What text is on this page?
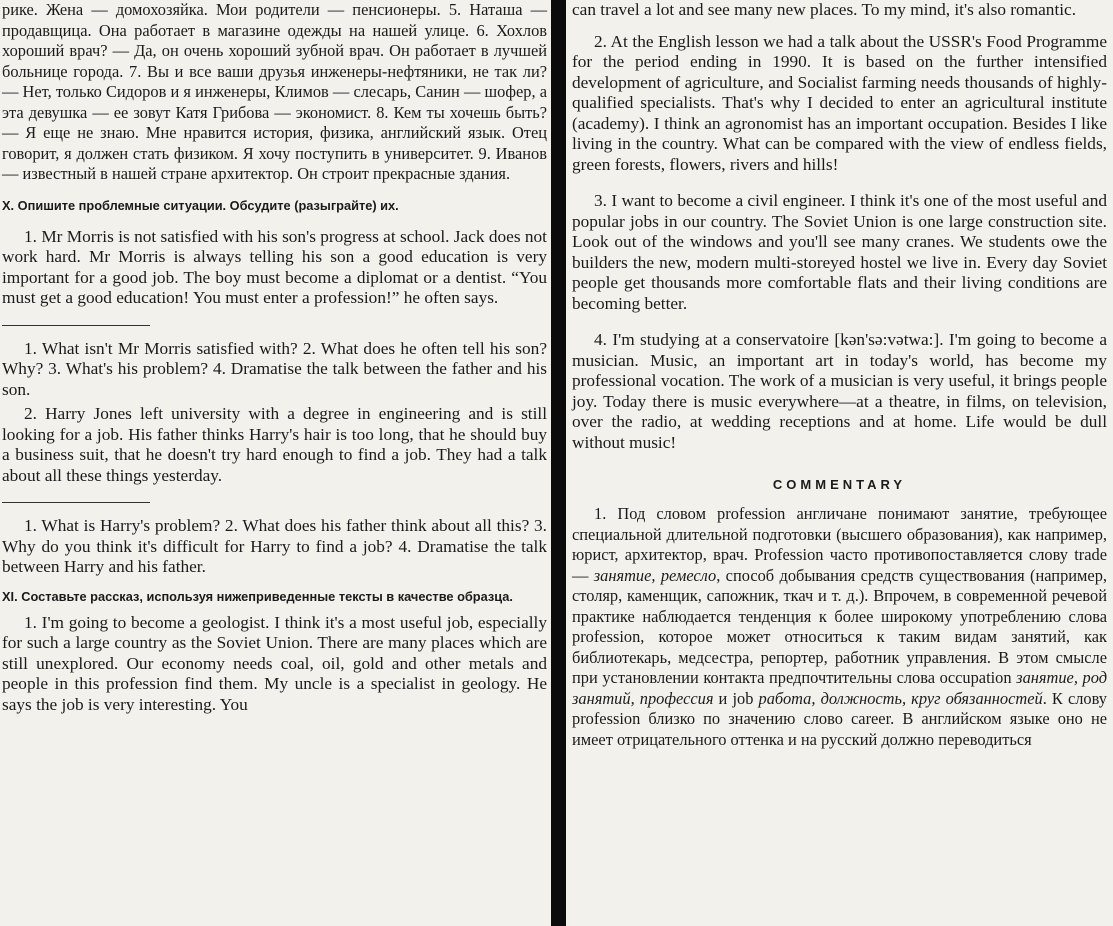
рике. Жена — домохозяйка. Мои родители — пенсионеры. 5. Наташа — продавщица. Она работает в магазине одежды на нашей улице. 6. Хохлов хороший врач? — Да, он очень хороший зубной врач. Он работает в лучшей больнице города. 7. Вы и все ваши друзья инженеры-нефтяники, не так ли? — Нет, только Сидоров и я инженеры, Климов — слесарь, Санин — шофер, а эта девушка — ее зовут Катя Грибова — экономист. 8. Кем ты хочешь быть? — Я еще не знаю. Мне нравится история, физика, английский язык. Отец говорит, я должен стать физиком. Я хочу поступить в университет. 9. Иванов — известный в нашей стране архитектор. Он строит прекрасные здания.

X. Опишите проблемные ситуации. Обсудите (разыграйте) их.

1. Mr Morris is not satisfied with his son's progress at school. Jack does not work hard. Mr Morris is always telling his son a good education is very important for a good job. The boy must become a diplomat or a dentist. “You must get a good education! You must enter a profession!” he often says.

1. What isn't Mr Morris satisfied with? 2. What does he often tell his son? Why? 3. What's his problem? 4. Dramatise the talk between the father and his son.

2. Harry Jones left university with a degree in engineering and is still looking for a job. His father thinks Harry's hair is too long, that he should buy a business suit, that he doesn't try hard enough to find a job. They had a talk about all these things yesterday.

1. What is Harry's problem? 2. What does his father think about all this? 3. Why do you think it's difficult for Harry to find a job? 4. Dramatise the talk between Harry and his father.

XI. Составьте рассказ, используя нижеприведенные тексты в качестве образца.

1. I'm going to become a geologist. I think it's a most useful job, especially for such a large country as the Soviet Union. There are many places which are still unexplored. Our economy needs coal, oil, gold and other metals and people in this profession find them. My uncle is a specialist in geology. He says the job is very interesting. You

can travel a lot and see many new places. To my mind, it's also romantic.

2. At the English lesson we had a talk about the USSR's Food Programme for the period ending in 1990. It is based on the further intensified development of agriculture, and Socialist farming needs thousands of highly-qualified specialists. That's why I decided to enter an agricultural institute (academy). I think an agronomist has an important occupation. Besides I like living in the country. What can be compared with the view of endless fields, green forests, flowers, rivers and hills!

3. I want to become a civil engineer. I think it's one of the most useful and popular jobs in our country. The Soviet Union is one large construction site. Look out of the windows and you'll see many cranes. We students owe the builders the new, modern multi-storeyed hostel we live in. Every day Soviet people get thousands more comfortable flats and their living conditions are becoming better.

4. I'm studying at a conservatoire [kən'sə:vətwa:]. I'm going to become a musician. Music, an important art in today's world, has become my professional vocation. The work of a musician is very useful, it brings people joy. Today there is music everywhere—at a theatre, in films, on television, over the radio, at wedding receptions and at home. Life would be dull without music!

COMMENTARY

1. Под словом profession англичане понимают занятие, требующее специальной длительной подготовки (высшего образования), как например, юрист, архитектор, врач. Profession часто противопоставляется слову trade — занятие, ремесло, способ добывания средств существования (например, столяр, каменщик, сапожник, ткач и т. д.). Впрочем, в современной речевой практике наблюдается тенденция к более широкому употреблению слова profession, которое может относиться к таким видам занятий, как библиотекарь, медсестра, репортер, работник управления. В этом смысле при установлении контакта предпочтительны слова occupation занятие, род занятий, профессия и job работа, должность, круг обязанностей. К слову profession близко по значению слово career. В английском языке оно не имеет отрицательного оттенка и на русский должно переводиться
